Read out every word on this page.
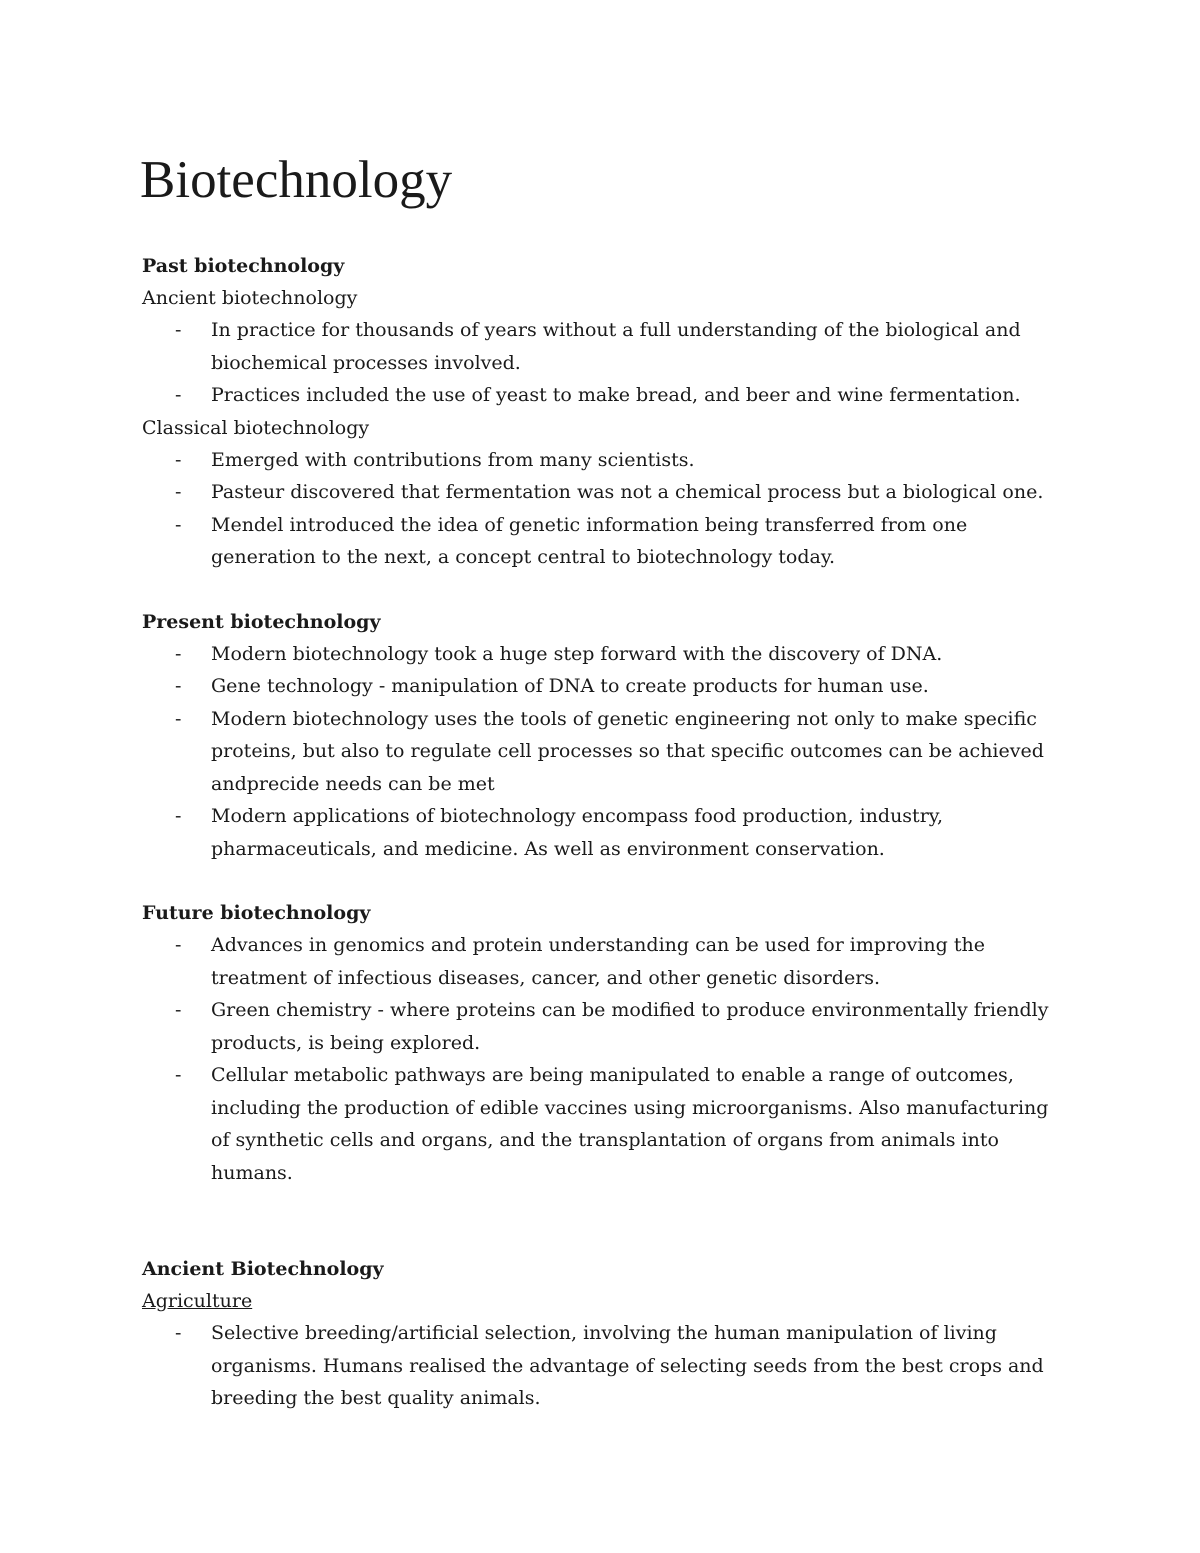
Biotechnology

Past biotechnology

Ancient biotechnology

- In practice for thousands of years without a full understanding of the biological and biochemical processes involved.
- Practices included the use of yeast to make bread, and beer and wine fermentation.

Classical biotechnology

- Emerged with contributions from many scientists.
- Pasteur discovered that fermentation was not a chemical process but a biological one.
- Mendel introduced the idea of genetic information being transferred from one generation to the next, a concept central to biotechnology today.

Present biotechnology

- Modern biotechnology took a huge step forward with the discovery of DNA.
- Gene technology - manipulation of DNA to create products for human use.
- Modern biotechnology uses the tools of genetic engineering not only to make specific proteins, but also to regulate cell processes so that specific outcomes can be achieved andprecide needs can be met
- Modern applications of biotechnology encompass food production, industry, pharmaceuticals, and medicine. As well as environment conservation.

Future biotechnology

- Advances in genomics and protein understanding can be used for improving the treatment of infectious diseases, cancer, and other genetic disorders.
- Green chemistry - where proteins can be modified to produce environmentally friendly products, is being explored.
- Cellular metabolic pathways are being manipulated to enable a range of outcomes, including the production of edible vaccines using microorganisms. Also manufacturing of synthetic cells and organs, and the transplantation of organs from animals into humans.

Ancient Biotechnology

Agriculture

- Selective breeding/artificial selection, involving the human manipulation of living organisms. Humans realised the advantage of selecting seeds from the best crops and breeding the best quality animals.
